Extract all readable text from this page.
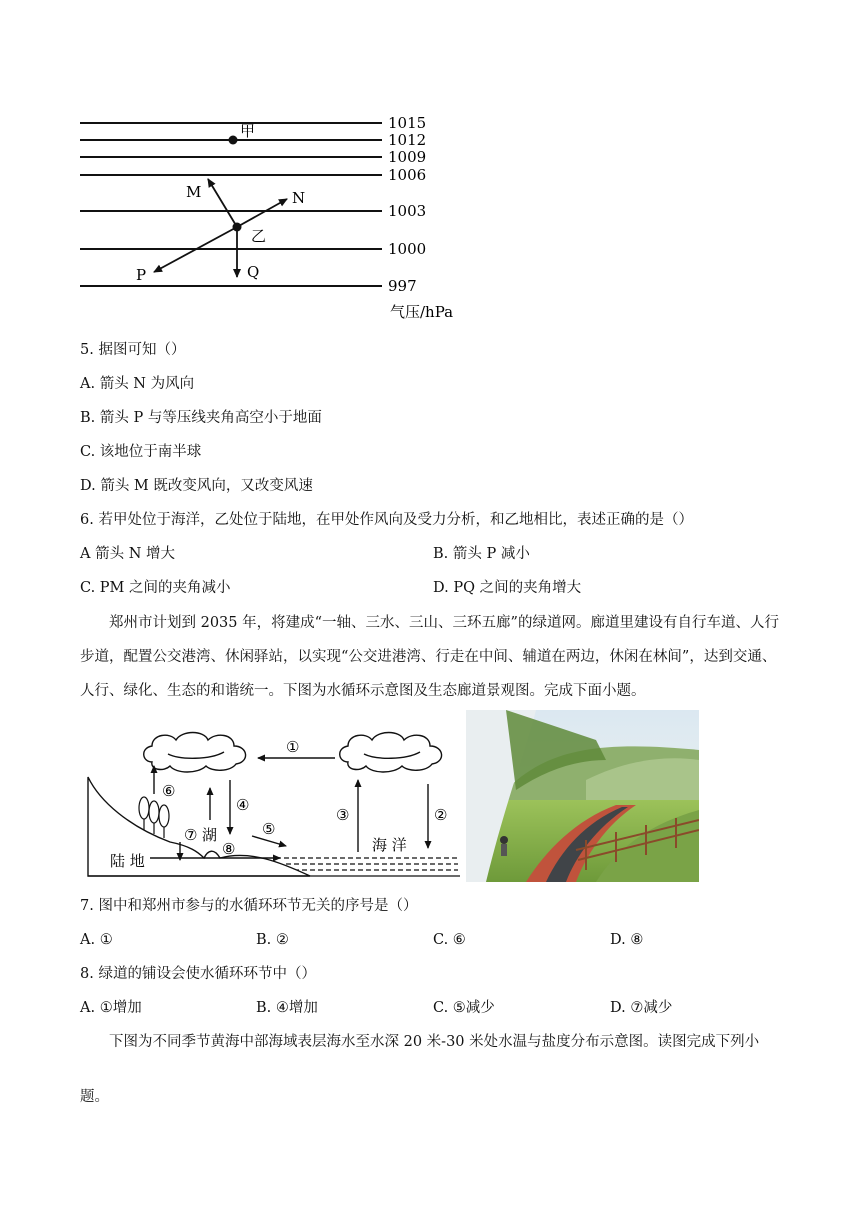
1015
1012
1009
1006
1003
1000
997
气压/hPa
甲
乙
M	N
P	Q
5. 据图可知（）
A. 箭头 N 为风向
B. 箭头 P 与等压线夹角高空小于地面
C. 该地位于南半球
D. 箭头 M 既改变风向，又改变风速
6. 若甲处位于海洋，乙处位于陆地，在甲处作风向及受力分析，和乙地相比，表述正确的是（）
A 箭头 N 增大	B. 箭头 P 减小
C. PM 之间的夹角减小	D. PQ 之间的夹角增大
郑州市计划到 2035 年，将建成“一轴、三水、三山、三环五廊”的绿道网。廊道里建设有自行车道、人行步道，配置公交港湾、休闲驿站，以实现“公交进港湾、行走在中间、辅道在两边，休闲在林间”，达到交通、人行、绿化、生态的和谐统一。下图为水循环示意图及生态廊道景观图。完成下面小题。
①
海 洋
②
③
陆 地
⑥
④
⑤
⑦ 湖
⑧
7. 图中和郑州市参与的水循环环节无关的序号是（）
A. ①	B. ②	C. ⑥	D. ⑧
8. 绿道的铺设会使水循环环节中（）
A. ①增加	B. ④增加	C. ⑤减少	D. ⑦减少
下图为不同季节黄海中部海域表层海水至水深 20 米-30 米处水温与盐度分布示意图。读图完成下列小
题。
